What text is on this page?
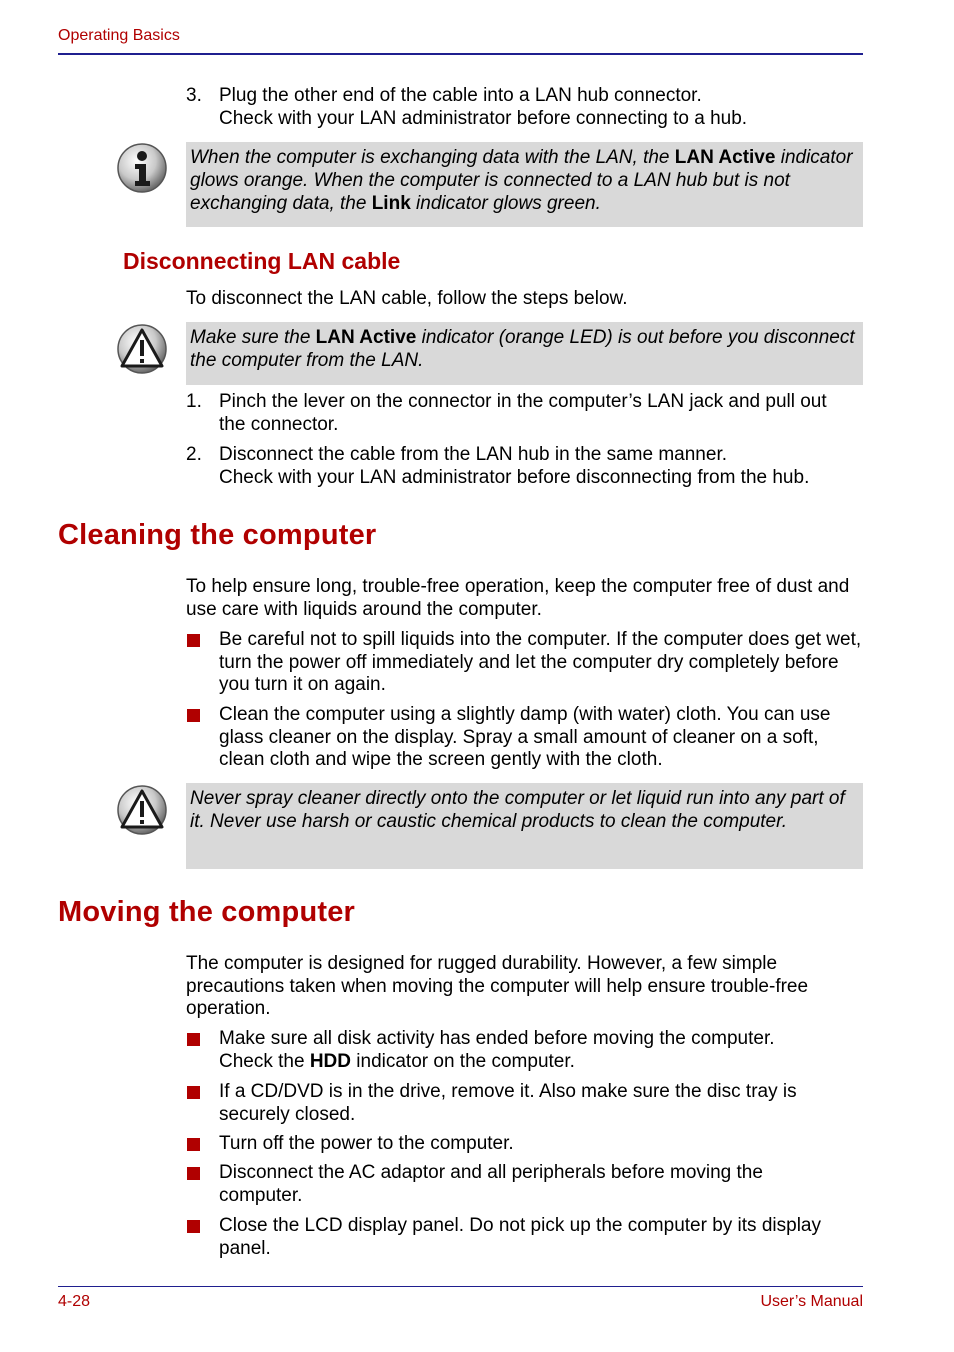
Operating Basics
3. Plug the other end of the cable into a LAN hub connector.
Check with your LAN administrator before connecting to a hub.
When the computer is exchanging data with the LAN, the LAN Active indicator glows orange. When the computer is connected to a LAN hub but is not exchanging data, the Link indicator glows green.
Disconnecting LAN cable
To disconnect the LAN cable, follow the steps below.
Make sure the LAN Active indicator (orange LED) is out before you disconnect the computer from the LAN.
1. Pinch the lever on the connector in the computer’s LAN jack and pull out the connector.
2. Disconnect the cable from the LAN hub in the same manner.
Check with your LAN administrator before disconnecting from the hub.
Cleaning the computer
To help ensure long, trouble-free operation, keep the computer free of dust and use care with liquids around the computer.
Be careful not to spill liquids into the computer. If the computer does get wet, turn the power off immediately and let the computer dry completely before you turn it on again.
Clean the computer using a slightly damp (with water) cloth. You can use glass cleaner on the display. Spray a small amount of cleaner on a soft, clean cloth and wipe the screen gently with the cloth.
Never spray cleaner directly onto the computer or let liquid run into any part of it. Never use harsh or caustic chemical products to clean the computer.
Moving the computer
The computer is designed for rugged durability. However, a few simple precautions taken when moving the computer will help ensure trouble-free operation.
Make sure all disk activity has ended before moving the computer.
Check the HDD indicator on the computer.
If a CD/DVD is in the drive, remove it. Also make sure the disc tray is securely closed.
Turn off the power to the computer.
Disconnect the AC adaptor and all peripherals before moving the computer.
Close the LCD display panel. Do not pick up the computer by its display panel.
4-28	User’s Manual
